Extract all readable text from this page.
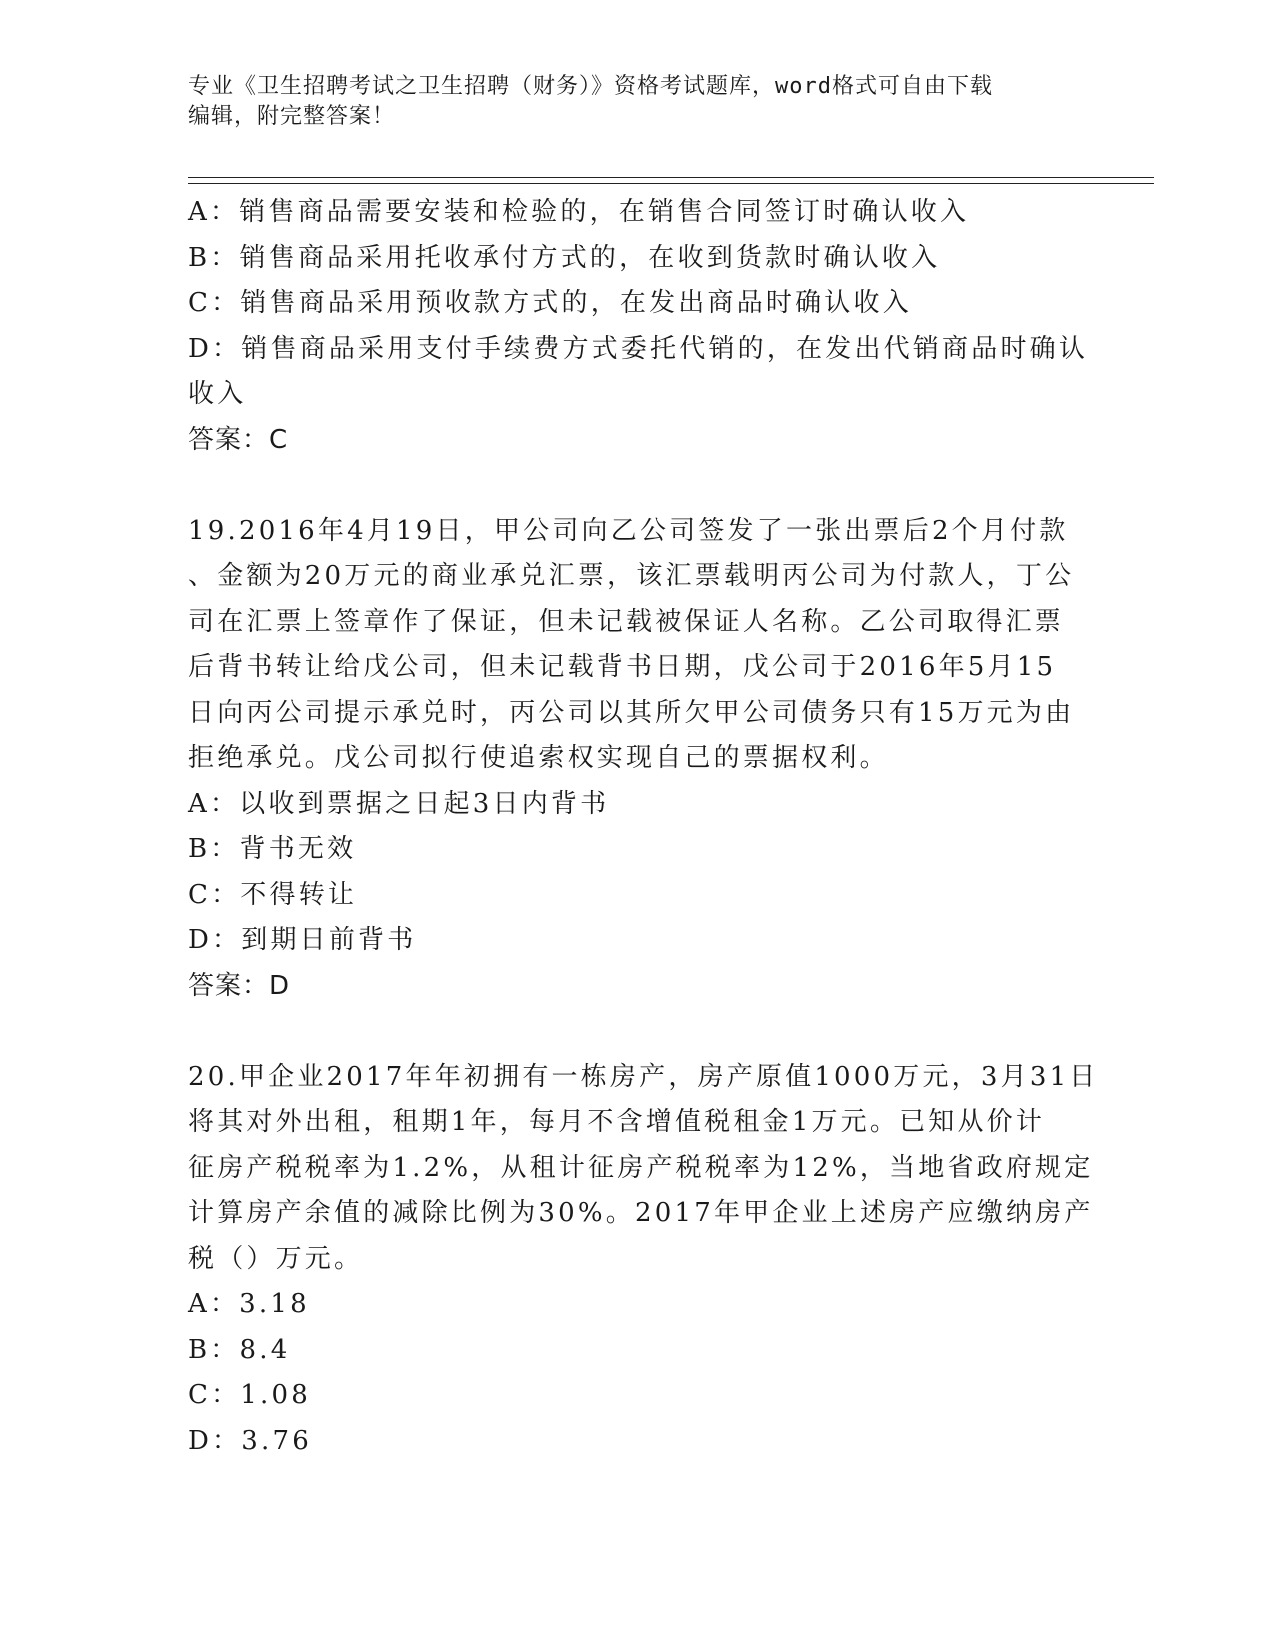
专业《卫生招聘考试之卫生招聘（财务）》资格考试题库，word格式可自由下载
编辑，附完整答案！
A：销售商品需要安装和检验的，在销售合同签订时确认收入
B：销售商品采用托收承付方式的，在收到货款时确认收入
C：销售商品采用预收款方式的，在发出商品时确认收入
D：销售商品采用支付手续费方式委托代销的，在发出代销商品时确认
收入
答案：C
19.2016年4月19日，甲公司向乙公司签发了一张出票后2个月付款
、金额为20万元的商业承兑汇票，该汇票载明丙公司为付款人，丁公
司在汇票上签章作了保证，但未记载被保证人名称。乙公司取得汇票
后背书转让给戊公司，但未记载背书日期，戊公司于2016年5月15
日向丙公司提示承兑时，丙公司以其所欠甲公司债务只有15万元为由
拒绝承兑。戊公司拟行使追索权实现自己的票据权利。
A：以收到票据之日起3日内背书
B：背书无效
C：不得转让
D：到期日前背书
答案：D
20.甲企业2017年年初拥有一栋房产，房产原值1000万元，3月31日
将其对外出租，租期1年，每月不含增值税租金1万元。已知从价计
征房产税税率为1.2%，从租计征房产税税率为12%，当地省政府规定
计算房产余值的减除比例为30%。2017年甲企业上述房产应缴纳房产
税（）万元。
A：3.18
B：8.4
C：1.08
D：3.76
